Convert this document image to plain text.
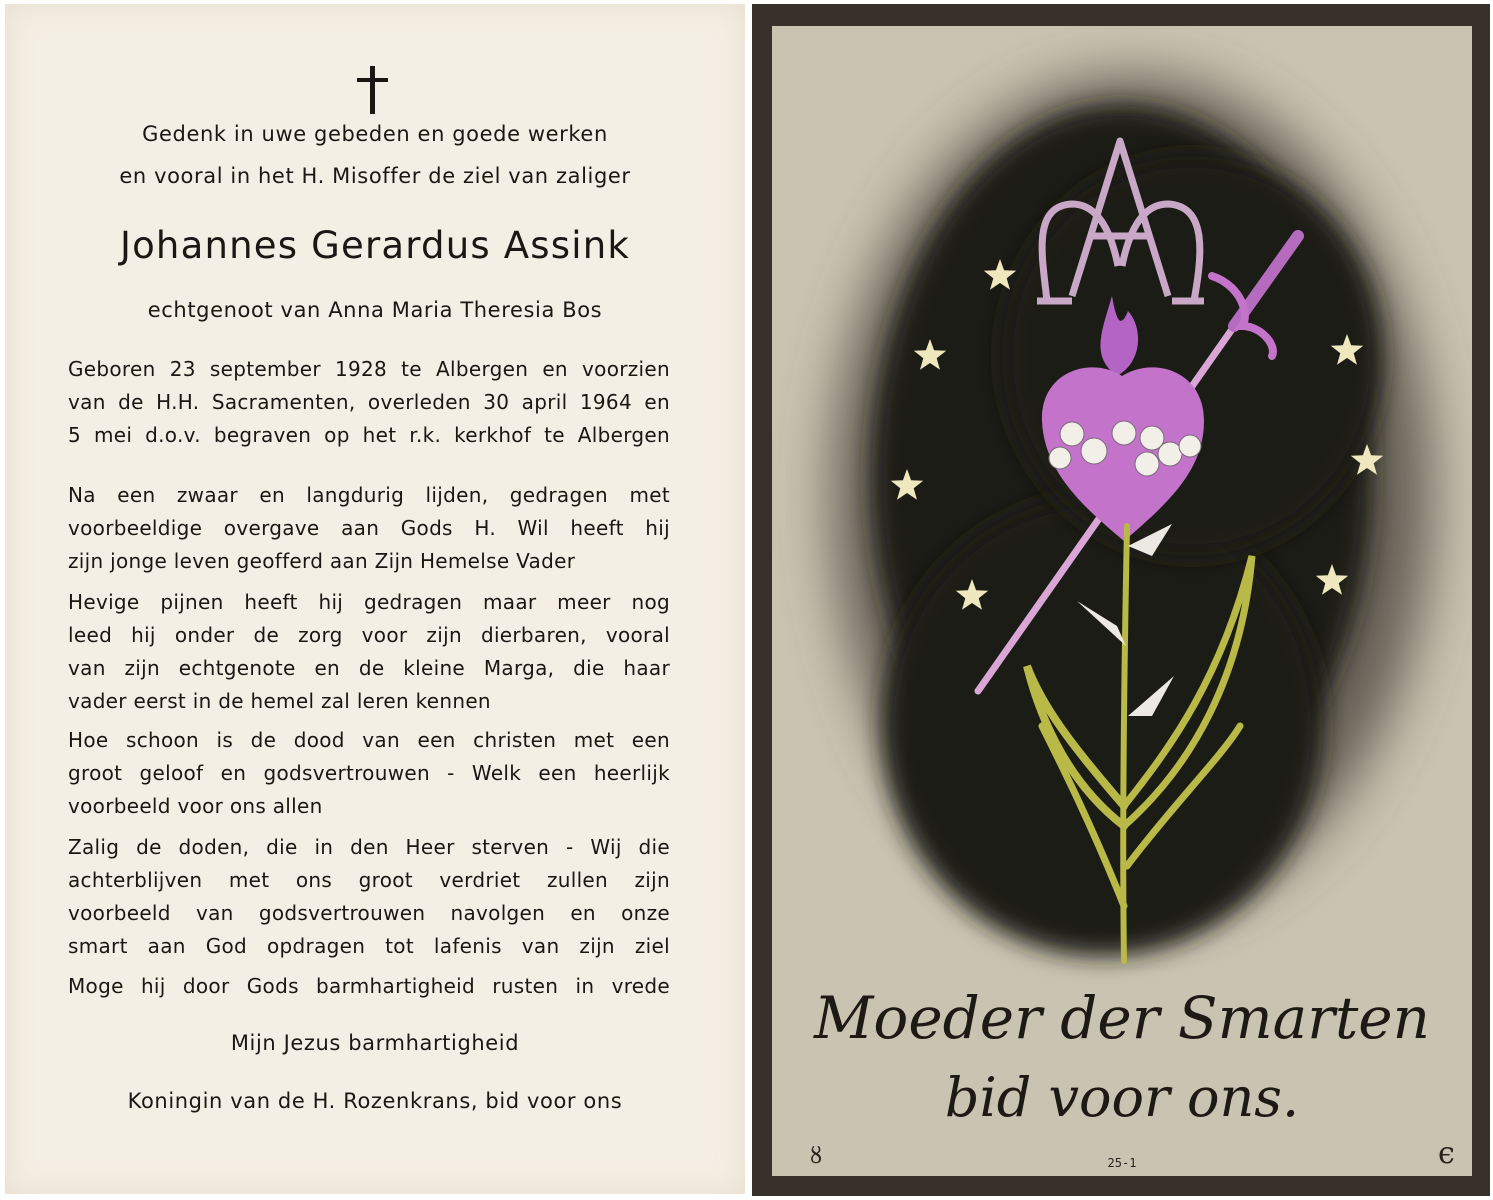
Gedenk in uwe gebeden en goede werken
en vooral in het H. Misoffer de ziel van zaliger
Johannes Gerardus Assink
echtgenoot van Anna Maria Theresia Bos
Geboren 23 september 1928 te Albergen en voorzien
van de H.H. Sacramenten, overleden 30 april 1964 en
5 mei d.o.v. begraven op het r.k. kerkhof te Albergen
Na een zwaar en langdurig lijden, gedragen met
voorbeeldige overgave aan Gods H. Wil heeft hij
zijn jonge leven geofferd aan Zijn Hemelse Vader
Hevige pijnen heeft hij gedragen maar meer nog
leed hij onder de zorg voor zijn dierbaren, vooral
van zijn echtgenote en de kleine Marga, die haar
vader eerst in de hemel zal leren kennen
Hoe schoon is de dood van een christen met een
groot geloof en godsvertrouwen - Welk een heerlijk
voorbeeld voor ons allen
Zalig de doden, die in den Heer sterven - Wij die
achterblijven met ons groot verdriet zullen zijn
voorbeeld van godsvertrouwen navolgen en onze
smart aan God opdragen tot lafenis van zijn ziel
Moge hij door Gods barmhartigheid rusten in vrede
Mijn Jezus barmhartigheid
Koningin van de H. Rozenkrans, bid voor ons
Moeder der Smarten
bid voor ons.
25-1
ȣ	ϵ
